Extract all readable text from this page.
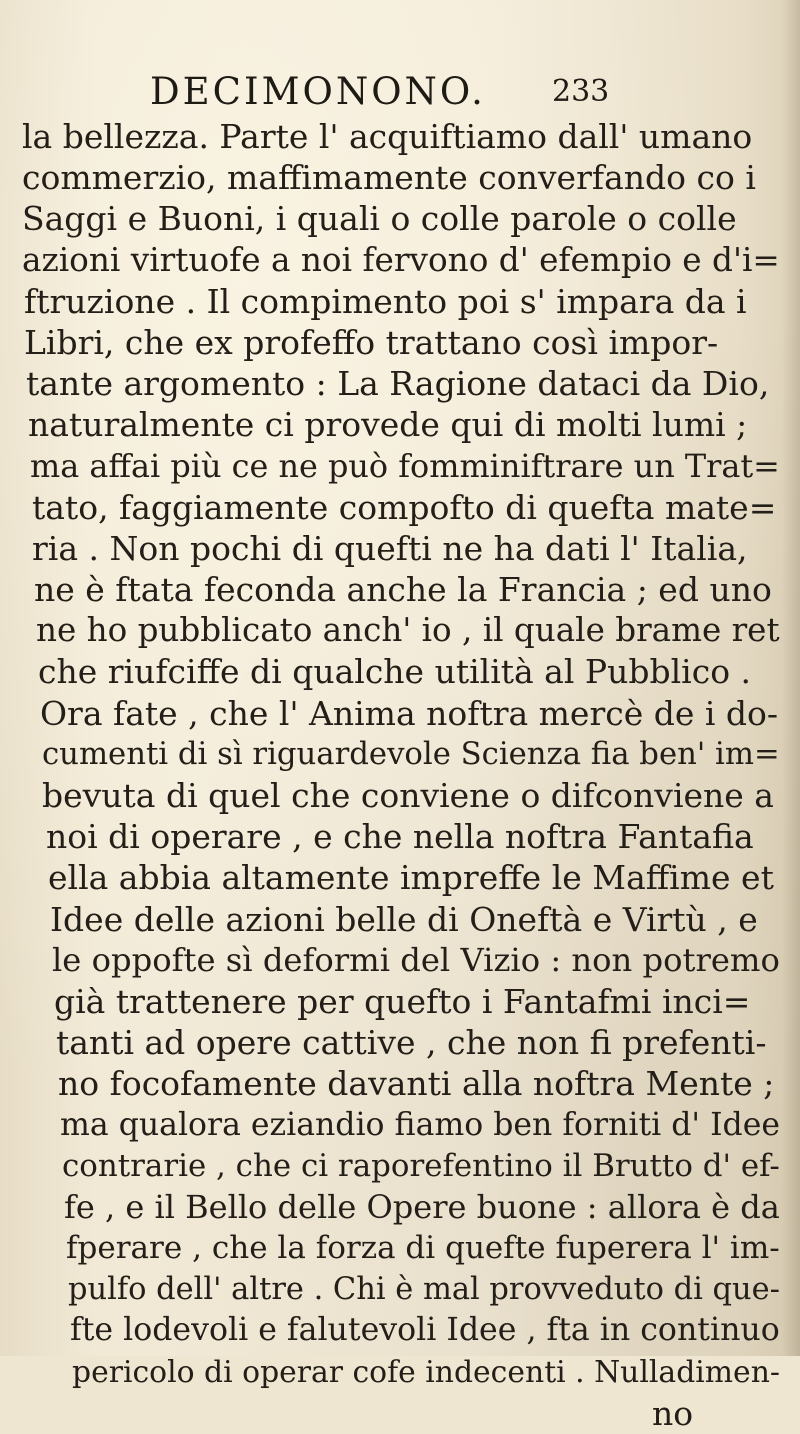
DECIMONONO. 233
la bellezza. Parte l' acquiftiamo dall' umano
commerzio, maffimamente converfando co i
Saggi e Buoni, i quali o colle parole o colle
azioni virtuofe a noi fervono d' efempio e d'i=
ftruzione . Il compimento poi s' impara da i
Libri, che ex profeffo trattano così impor-
tante argomento : La Ragione dataci da Dio,
naturalmente ci provede qui di molti lumi ;
ma affai più ce ne può fomminiftrare un Trat=
tato, faggiamente compofto di quefta mate=
ria . Non pochi di quefti ne ha dati l' Italia,
ne è ftata feconda anche la Francia ; ed uno
ne ho pubblicato anch' io , il quale brame ret
che riufciffe di qualche utilità al Pubblico .
Ora fate , che l' Anima noftra mercè de i do-
cumenti di sì riguardevole Scienza fia ben' im=
bevuta di quel che conviene o difconviene a
noi di operare , e che nella noftra Fantafia
ella abbia altamente impreffe le Maffime et
Idee delle azioni belle di Oneftà e Virtù , e
le oppofte sì deformi del Vizio : non potremo
già trattenere per quefto i Fantafmi inci=
tanti ad opere cattive , che non fi prefenti-
no focofamente davanti alla noftra Mente ;
ma qualora eziandio fiamo ben forniti d' Idee
contrarie , che ci raporefentino il Brutto d' ef-
fe , e il Bello delle Opere buone : allora è da
fperare , che la forza di quefte fuperera l' im-
pulfo dell' altre . Chi è mal provveduto di que-
fte lodevoli e falutevoli Idee , fta in continuo
pericolo di operar cofe indecenti . Nulladimen-
no
